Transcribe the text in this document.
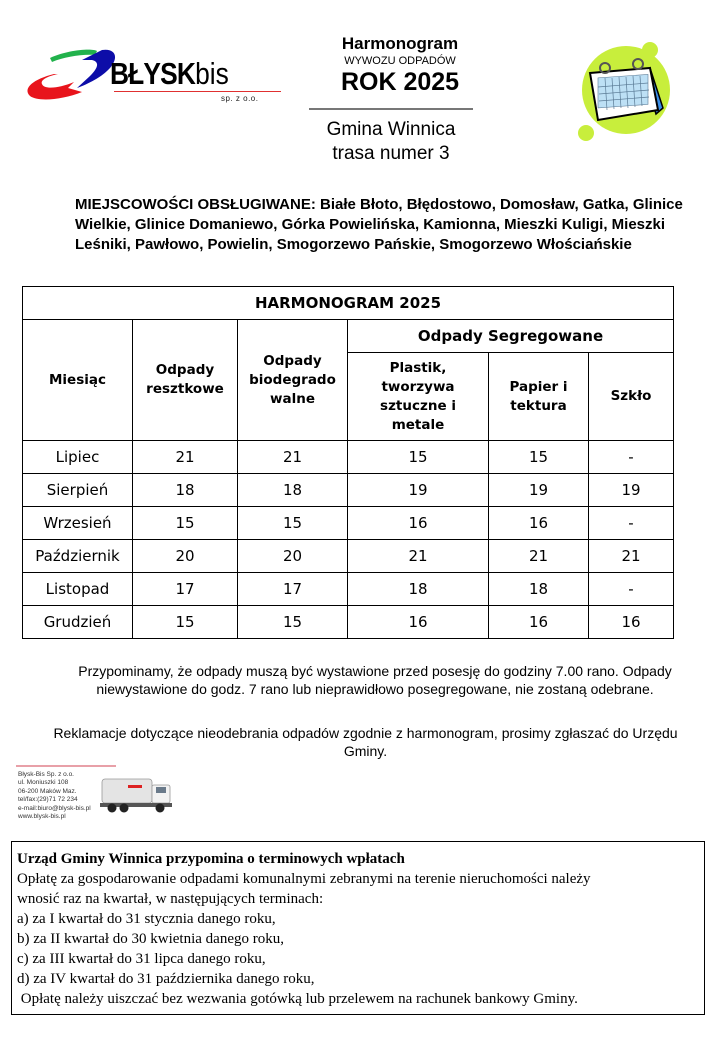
BŁYSKbis
sp. z o.o.
Harmonogram
WYWOZU ODPADÓW
ROK 2025
Gmina Winnica
trasa numer 3
MIEJSCOWOŚCI OBSŁUGIWANE: Białe Błoto, Błędostowo, Domosław, Gatka, Glinice Wielkie, Glinice Domaniewo, Górka Powielińska, Kamionna, Mieszki Kuligi, Mieszki Leśniki, Pawłowo, Powielin, Smogorzewo Pańskie, Smogorzewo Włościańskie
HARMONOGRAM 2025					
Miesiąc	Odpady resztkowe	Odpady biodegrado walne	Odpady Segregowane		
			Plastik, tworzywa sztuczne i metale	Papier i tektura	Szkło
Lipiec	21	21	15	15	-
Sierpień	18	18	19	19	19
Wrzesień	15	15	16	16	-
Październik	20	20	21	21	21
Listopad	17	17	18	18	-
Grudzień	15	15	16	16	16
Przypominamy, że odpady muszą być wystawione przed posesję do godziny 7.00 rano. Odpady
niewystawione do godz. 7 rano lub nieprawidłowo posegregowane, nie zostaną odebrane.
Reklamacje dotyczące nieodebrania odpadów zgodnie z harmonogram, prosimy zgłaszać do Urzędu
Gminy.
Błysk-Bis Sp. z o.o.
ul. Moniuszki 108
06-200 Maków Maz.
tel/fax:(29)71 72 234
e-mail:biuro@blysk-bis.pl
www.blysk-bis.pl
Urząd Gminy Winnica przypomina o terminowych wpłatach
Opłatę za gospodarowanie odpadami komunalnymi zebranymi na terenie nieruchomości należy
wnosić raz na kwartał, w następujących terminach:
a) za I kwartał do 31 stycznia danego roku,
b) za II kwartał do 30 kwietnia danego roku,
c) za III kwartał do 31 lipca danego roku,
d) za IV kwartał do 31 października danego roku,
Opłatę należy uiszczać bez wezwania gotówką lub przelewem na rachunek bankowy Gminy.
